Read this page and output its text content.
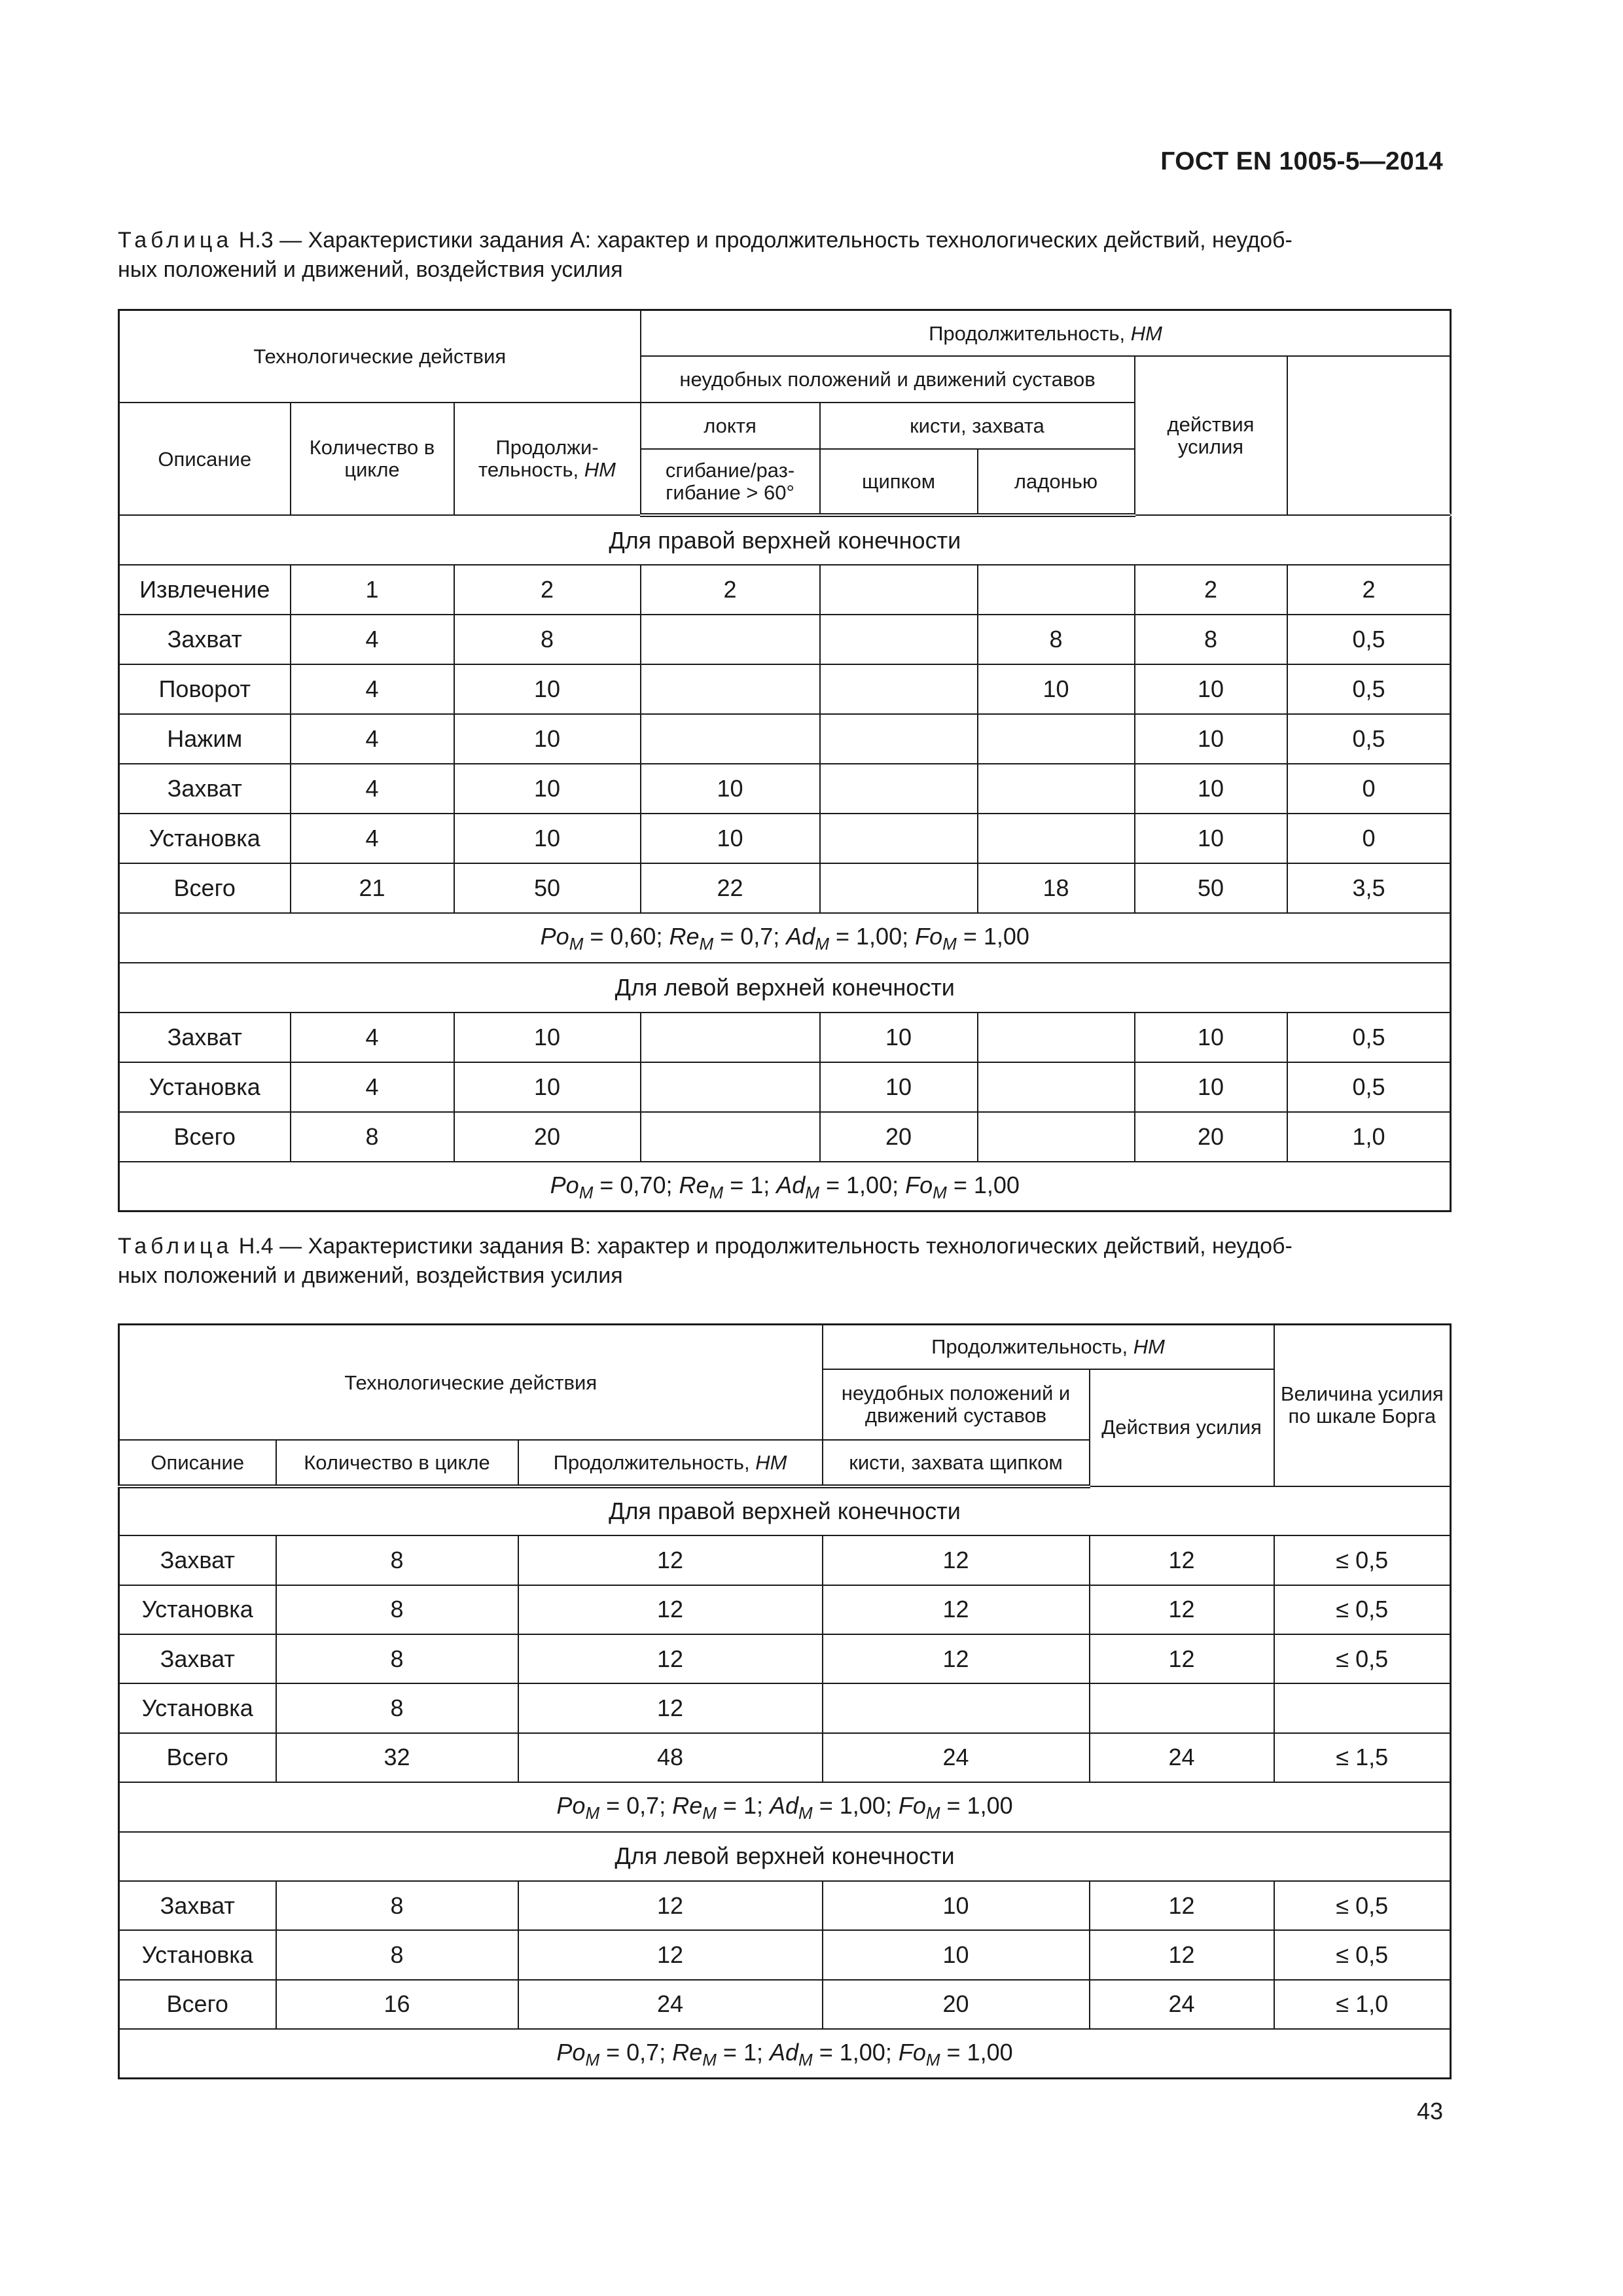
ГОСТ EN 1005-5—2014
Таблица Н.3 — Характеристики задания А: характер и продолжительность технологических действий, неудоб-
ных положений и движений, воздействия усилия
Технологические действия			Продолжительность, НМ	
			неудобных положений и движений суставов			действия усилия		
Описание	Количество в цикле	Продолжи-тельность, НМ	локтя	кисти, захвата				
			сгибание/раз-гибание > 60°	щипком	ладонью			
Для правой верхней конечности								
Извлечение	1	2	2			2	2	
Захват	4	8			8	8	0,5	
Поворот	4	10			10	10	0,5	
Нажим	4	10				10	0,5	
Захват	4	10	10			10	0	
Установка	4	10	10			10	0	
Всего	21	50	22		18	50	3,5	
$Po_M = 0,60$; $Re_M = 0,7$; $Ad_M = 1,00$; $Fo_M = 1,00$								
Для левой верхней конечности								
Захват	4	10		10		10	0,5	
Установка	4	10		10		10	0,5	
Всего	8	20		20		20	1,0	
$Po_M = 0,70$; $Re_M = 1$; $Ad_M = 1,00$; $Fo_M = 1,00$								
Таблица Н.4 — Характеристики задания В: характер и продолжительность технологических действий, неудоб-
ных положений и движений, воздействия усилия
Технологические действия			Продолжительность, НМ		Величина усилия по шкале Борга
			неудобных положений и движений суставов	Действия усилия	
Описание	Количество в цикле	Продолжительность, НМ	кисти, захвата щипком		
Для правой верхней конечности					
Захват	8	12	12	12	≤ 0,5
Установка	8	12	12	12	≤ 0,5
Захват	8	12	12	12	≤ 0,5
Установка	8	12			
Всего	32	48	24	24	≤ 1,5
$Po_M = 0,7$; $Re_M = 1$; $Ad_M = 1,00$; $Fo_M = 1,00$					
Для левой верхней конечности					
Захват	8	12	10	12	≤ 0,5
Установка	8	12	10	12	≤ 0,5
Всего	16	24	20	24	≤ 1,0
$Po_M = 0,7$; $Re_M = 1$; $Ad_M = 1,00$; $Fo_M = 1,00$					
43
